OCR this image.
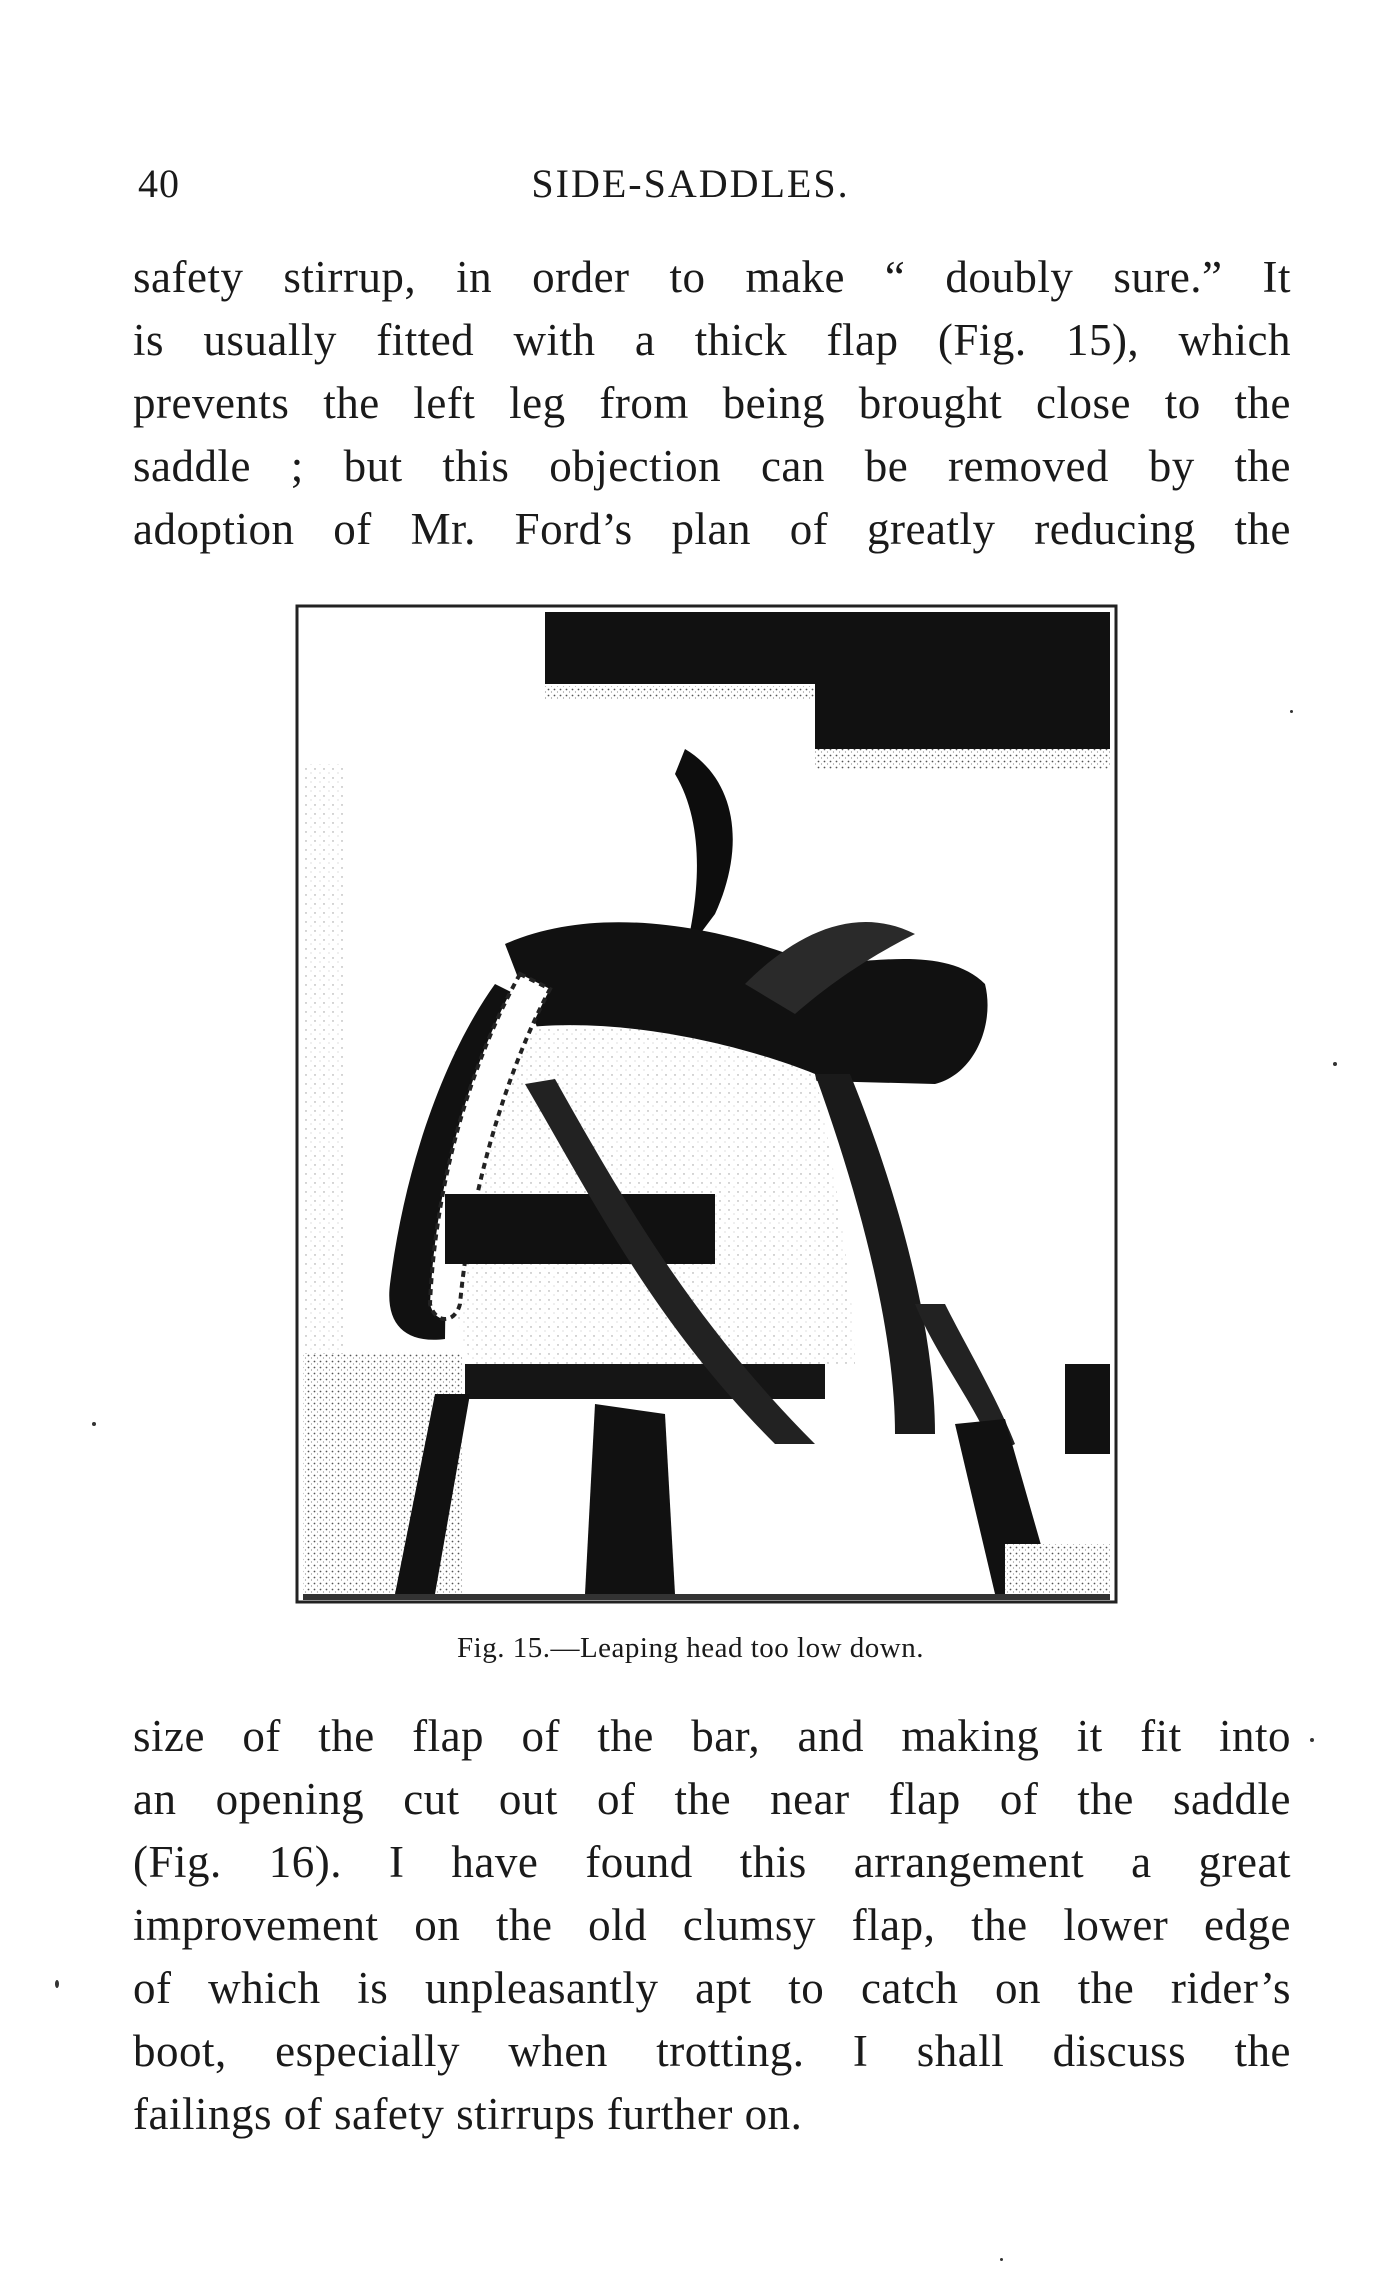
40	SIDE-SADDLES.
safety stirrup, in order to make “ doubly sure.” It
is usually fitted with a thick flap (Fig. 15), which
prevents the left leg from being brought close to the
saddle ; but this objection can be removed by the
adoption of Mr. Ford’s plan of greatly reducing the
Fig. 15.—Leaping head too low down.
size of the flap of the bar, and making it fit into
an opening cut out of the near flap of the saddle
(Fig. 16). I have found this arrangement a great
improvement on the old clumsy flap, the lower edge
of which is unpleasantly apt to catch on the rider’s
boot, especially when trotting. I shall discuss the
failings of safety stirrups further on.
